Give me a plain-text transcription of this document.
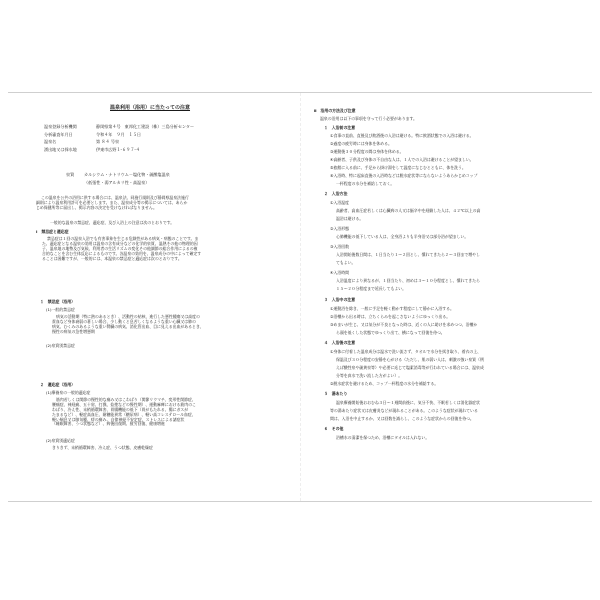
温泉利用（浴用）に当たっての注意
温泉登録分析機関	静岡県第４号　東邦化工建設（株）三島分析センター
分析審査年月日	令和４年　９月　１５日
温泉名	第 ８４ 号泉
湧出地又は採水地	伊東市広野１-６９７-４
泉質	カルシウム・ナトリウム－塩化物・硫酸塩温泉
（低張性・弱アルカリ性・高温泉）
この温泉を公共の浴用に供する場合には、温泉法、同施行規則及び静岡県温泉法施行
細則により温泉利用許可を必要とします。また、温泉成分等の掲示については、あらか
じめ保健所等に届出し、掲示内容の決定を受けなければなりません。
一般的な温泉の禁忌症、適応症、及び入浴上の注意は次のとおりです。
Ⅰ　禁忌症と適応症
禁忌症は１回の温泉入浴でも有害事象を生じる危険性がある病気・病態のことです。ま
た、適応症となる温泉の効用は温泉の含有成分などの化学的泉質、温熱その他の物理的因
子、温泉地の地勢及び気候、利用者の生活リズムの変化その他調節の総合作用によるの複
合的なことを含む生体反応によるものです。各温泉の効用を、温泉成分の中によって確定す
ることは困難ですが、一般的には、本温泉の禁忌症と適応症は次のとおりです。
１　禁忌症（浴用）
(1)一般的禁忌症
病気の活動期（特に熱のあるとき）、活動性の結核、進行した悪性腫瘍又は高度の
貧血など身体衰弱の著しい場合、少し動くと息苦しくなるような重い心臓又は肺の
病気、むくみのあるような重い腎臓の病気、消化管出血、目に見える出血があるとき、
慢性の病気の急性増悪期
(2)泉質別禁忌症
２　適応症（浴用）
(1)療養泉の一般的適応症
筋肉若しくは関節の慢性的な痛み又はこわばり（関節リウマチ、変形性関節症、
腰痛症、神経痛、五十肩、打撲、捻挫などの慢性期）、運動麻痺における筋肉のこ
わばり、冷え性、末梢循環障害、胃腸機能の低下（胃がもたれる、腸にガスが
たまるなど）、軽症高血圧、耐糖能異常（糖尿病）、軽い高コレステロール血症、
軽い喘息又は肺気腫、痔の痛み、自律神経不安定症、ストレスによる諸症状
（睡眠障害、うつ状態など）、病後回復期、疲労回復、健康増進
(2)泉質別適応症
きりきず、末梢循環障害、冷え症、うつ状態、皮膚乾燥症
Ⅱ　浴用の方法及び注意
温泉の浴用は以下の事項を守って行う必要があります。
１　入浴前の注意
①食事の直前、直後及び飲酒後の入浴は避ける。特に飲酒状態での入浴は避ける。
②過度の疲労時には身体を休める。
③運動後３０分程度の間は身体を休める。
④高齢者、子供及び身体の不自由な人は、１人での入浴は避けることが望ましい。
⑤旅館に入る前に、手足から掛け湯をして温度になじむとともに、体を洗う。
⑥入浴時、特に起床直後の入浴時などは脱水症状等にならないようあらかじめコップ
一杯程度の水分を補給しておく。
２　入浴方法
①入浴温度
高齢者、高血圧症若しくは心臓病の人又は脳卒中を経験した人は、４２℃以上の高
温浴は避ける。
②入浴形態
心肺機能の低下している人は、全身浴よりも半身浴又は部分浴が望ましい。
③入浴回数
入浴開始後数日間は、１日当たり１～２回とし、慣れてきたら２～３回まで増やし
てもよい。
④入浴時間
入浴温度により異なるが、１回当たり、初めは３～１０分程度とし、慣れてきたら
１５～２０分程度まで延長してもよい。
３　入浴中の注意
①運動浴を除き、一般に手足を軽く動かす程度にして静かに入浴する。
②浴槽から出る時は、立ちくらみを起こさないようにゆっくり出る。
③めまいが生じ、又は気分が不良となった時は、近くの人に助けを求めつつ、浴槽か
ら頭を低くした状態でゆっくり出て、横になって回復を待つ。
４　入浴後の注意
①身体に付着した温泉成分は温水で洗い流さず、タオルで水分を拭き取り、着衣の上、
保温及び３０分程度の安静を心がける（ただし、肌の弱い人は、刺激の強い泉質（例
えば酸性泉や硫黄泉等）や必要に応じて塩素消毒等が行われている場合には、温泉成
分等を真水で洗い流した方がよい）。
②脱水症状を避けるため、コップ一杯程度の水分を補給する。
５　湯あたり
温泉療養開始後おおむね３日～１週間前後に、気分不快、不眠若しくは消化器症状
等の湯あたり症状又は皮膚炎などが現れることがある。このような症状が現れている
間は、入浴を中止するか、又は回数を減らし、このような症状からの回復を待つ。
６　その他
浴槽水の清潔を保つため、浴槽にタオルは入れない。
